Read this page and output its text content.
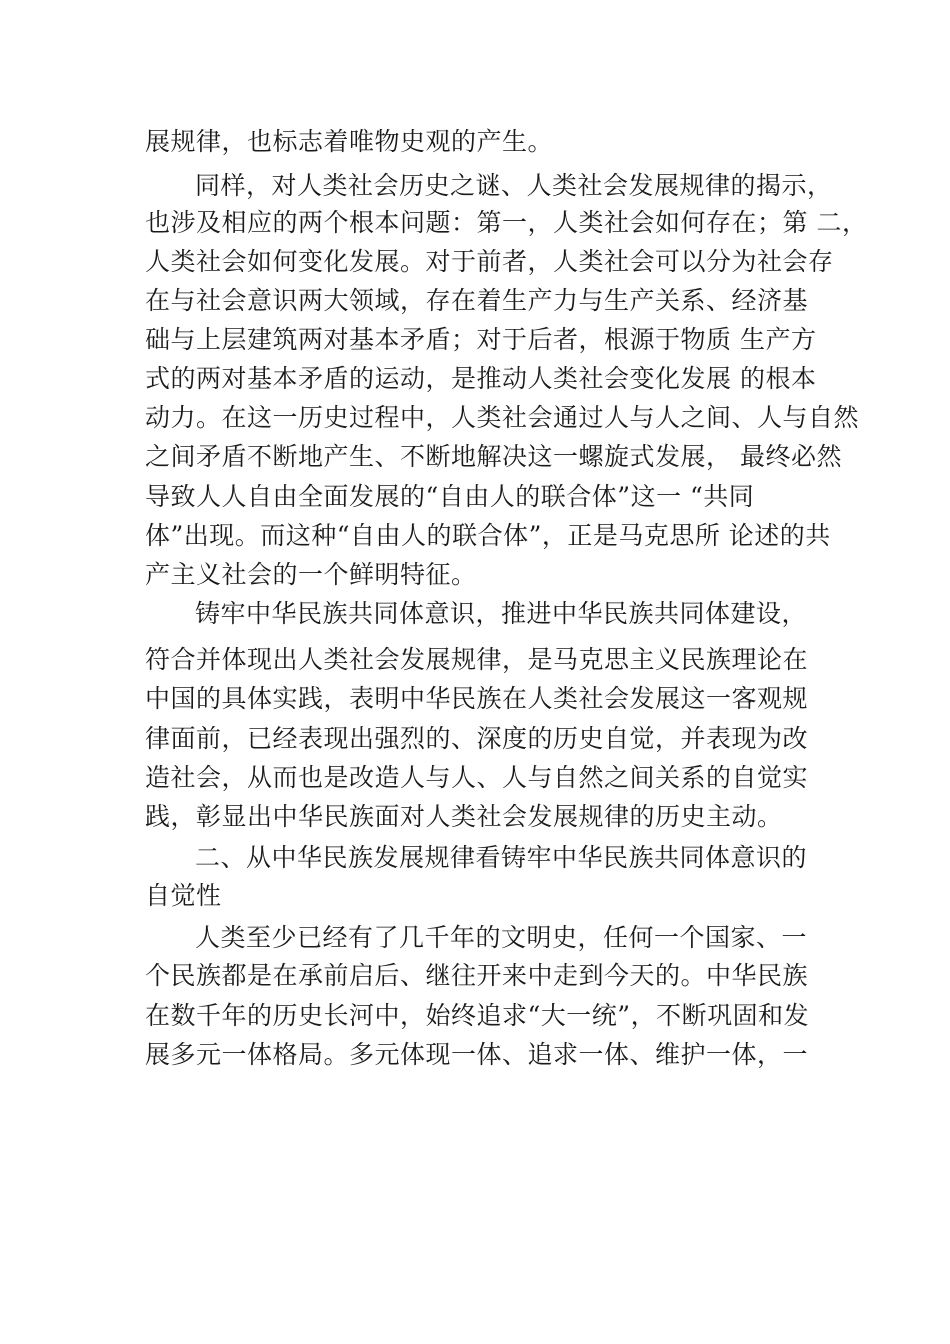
展规律，也标志着唯物史观的产生。
同样，对人类社会历史之谜、人类社会发展规律的揭示，
也涉及相应的两个根本问题：第一，人类社会如何存在；第 二，
人类社会如何变化发展。对于前者，人类社会可以分为社会存
在与社会意识两大领域，存在着生产力与生产关系、经济基
础与上层建筑两对基本矛盾；对于后者，根源于物质 生产方
式的两对基本矛盾的运动，是推动人类社会变化发展 的根本
动力。在这一历史过程中，人类社会通过人与人之间、人与自然
之间矛盾不断地产生、不断地解决这一螺旋式发展， 最终必然
导致人人自由全面发展的“自由人的联合体”这一 “共同
体”出现。而这种“自由人的联合体”，正是马克思所 论述的共
产主义社会的一个鲜明特征。
铸牢中华民族共同体意识，推进中华民族共同体建设，
符合并体现出人类社会发展规律，是马克思主义民族理论在
中国的具体实践，表明中华民族在人类社会发展这一客观规
律面前，已经表现出强烈的、深度的历史自觉，并表现为改
造社会，从而也是改造人与人、人与自然之间关系的自觉实
践，彰显出中华民族面对人类社会发展规律的历史主动。
二、从中华民族发展规律看铸牢中华民族共同体意识的
自觉性
人类至少已经有了几千年的文明史，任何一个国家、一
个民族都是在承前启后、继往开来中走到今天的。中华民族
在数千年的历史长河中，始终追求“大一统”，不断巩固和发
展多元一体格局。多元体现一体、追求一体、维护一体，一
